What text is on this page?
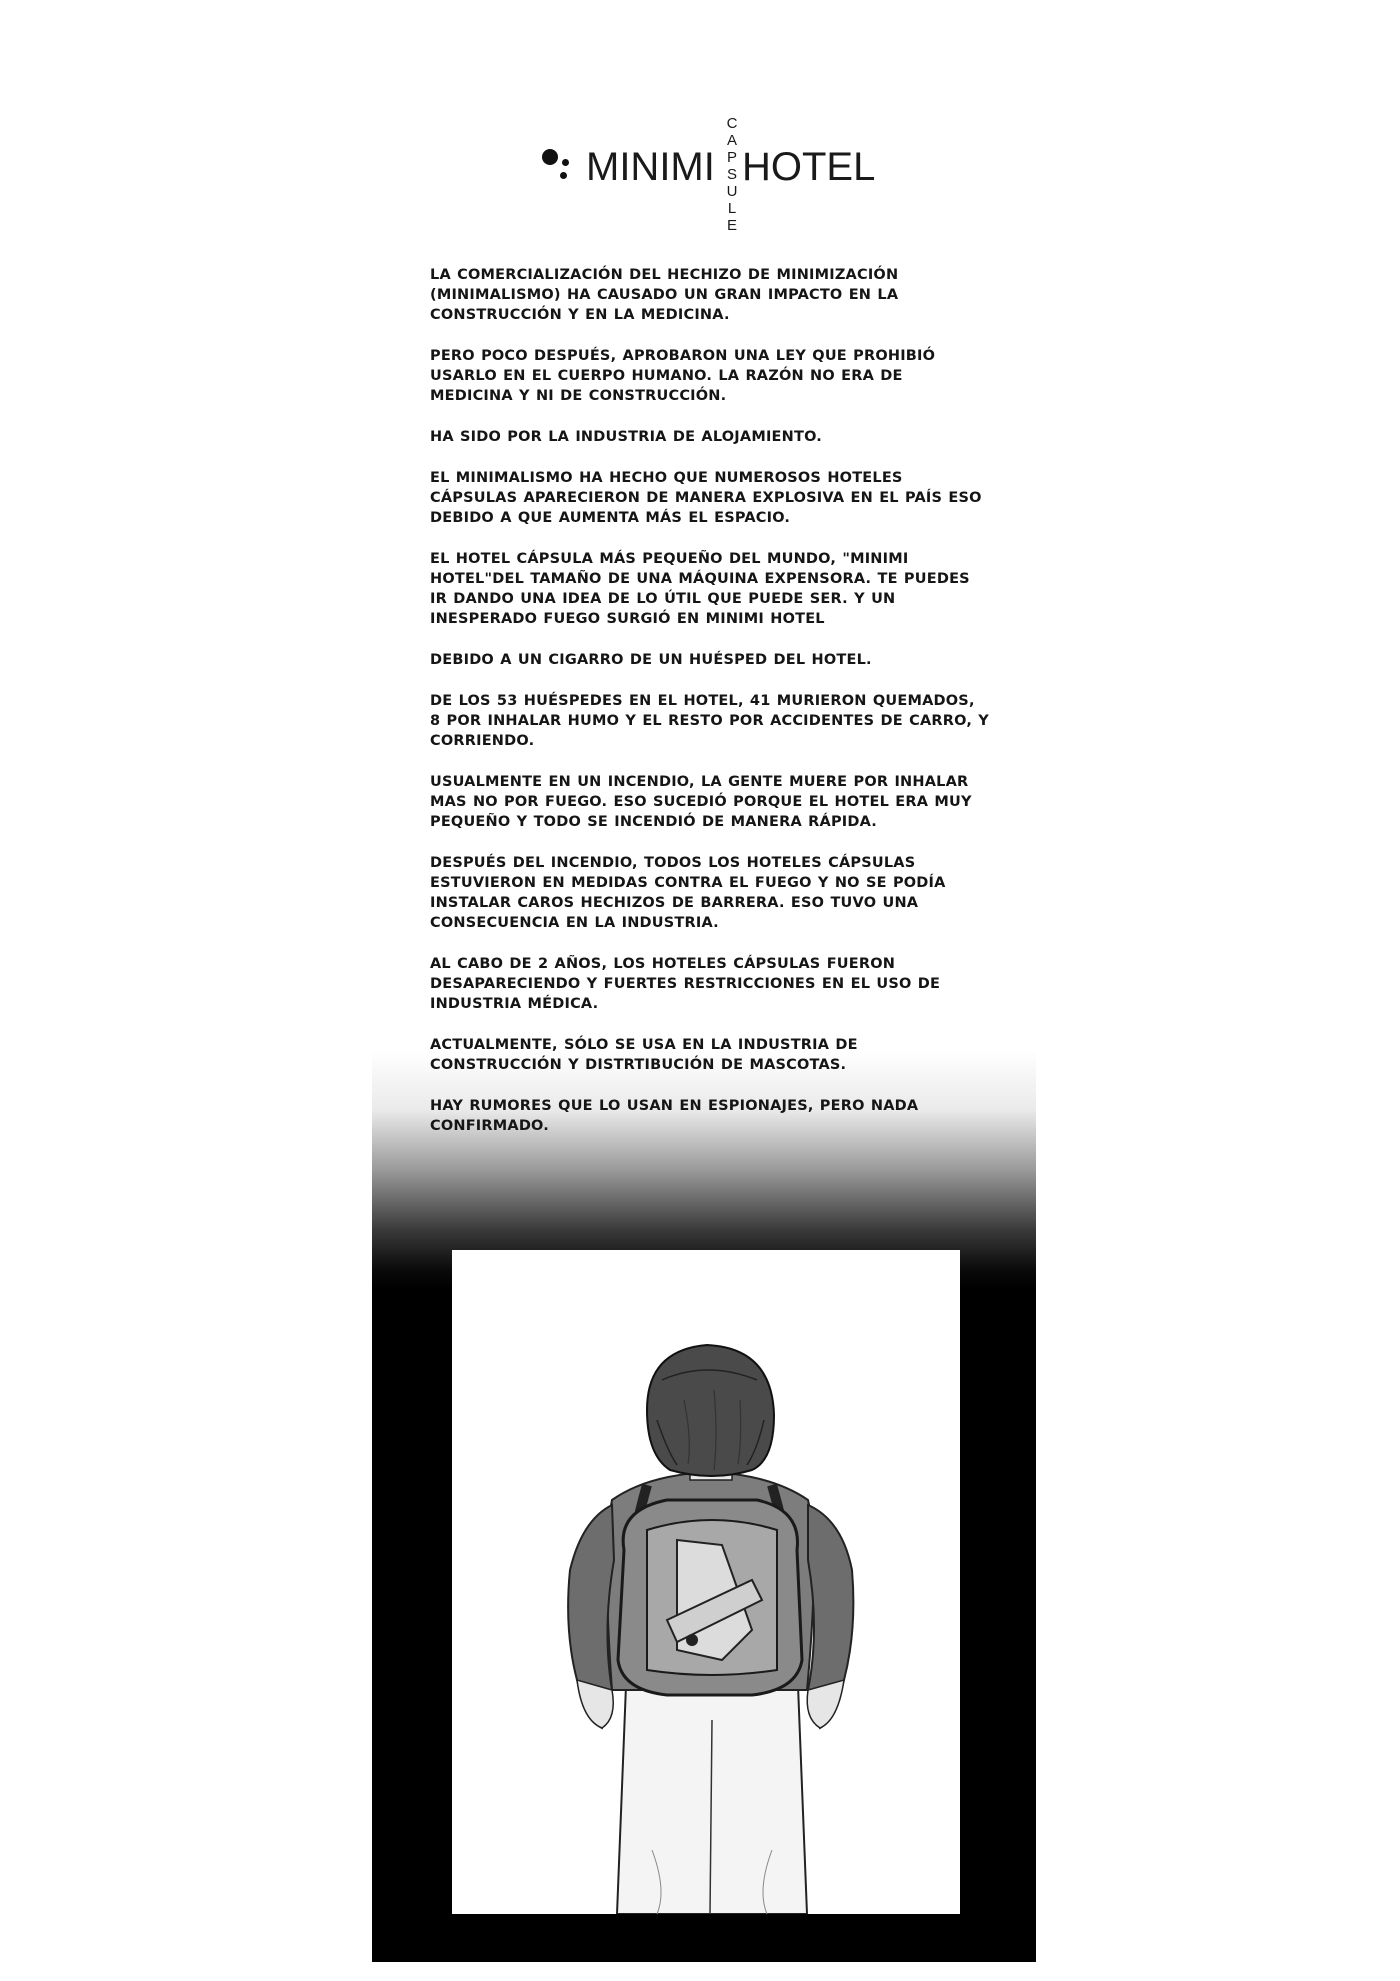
MINIMI
C
A
P
S
U
L
E
HOTEL

LA COMERCIALIZACIÓN DEL HECHIZO DE MINIMIZACIÓN (MINIMALISMO) HA CAUSADO UN GRAN IMPACTO EN LA CONSTRUCCIÓN Y EN LA MEDICINA.

PERO POCO DESPUÉS, APROBARON UNA LEY QUE PROHIBIÓ USARLO EN EL CUERPO HUMANO. LA RAZÓN NO ERA DE MEDICINA Y NI DE CONSTRUCCIÓN.

HA SIDO POR LA INDUSTRIA DE ALOJAMIENTO.

EL MINIMALISMO HA HECHO QUE NUMEROSOS HOTELES CÁPSULAS APARECIERON DE MANERA EXPLOSIVA EN EL PAÍS ESO DEBIDO A QUE AUMENTA MÁS EL ESPACIO.

EL HOTEL CÁPSULA MÁS PEQUEÑO DEL MUNDO, "MINIMI HOTEL"DEL TAMAÑO DE UNA MÁQUINA EXPENSORA. TE PUEDES IR DANDO UNA IDEA DE LO ÚTIL QUE PUEDE SER. Y UN INESPERADO FUEGO SURGIÓ EN MINIMI HOTEL

DEBIDO A UN CIGARRO DE UN HUÉSPED DEL HOTEL.

DE LOS 53 HUÉSPEDES EN EL HOTEL, 41 MURIERON QUEMADOS, 8 POR INHALAR HUMO Y EL RESTO POR ACCIDENTES DE CARRO, Y CORRIENDO.

USUALMENTE EN UN INCENDIO, LA GENTE MUERE POR INHALAR MAS NO POR FUEGO. ESO SUCEDIÓ PORQUE EL HOTEL ERA MUY PEQUEÑO Y TODO SE INCENDIÓ DE MANERA RÁPIDA.

DESPUÉS DEL INCENDIO, TODOS LOS HOTELES CÁPSULAS ESTUVIERON EN MEDIDAS CONTRA EL FUEGO Y NO SE PODÍA INSTALAR CAROS HECHIZOS DE BARRERA. ESO TUVO UNA CONSECUENCIA EN LA INDUSTRIA.

AL CABO DE 2 AÑOS, LOS HOTELES CÁPSULAS FUERON DESAPARECIENDO Y FUERTES RESTRICCIONES EN EL USO DE INDUSTRIA MÉDICA.

ACTUALMENTE, SÓLO SE USA EN LA INDUSTRIA DE CONSTRUCCIÓN Y DISTRTIBUCIÓN DE MASCOTAS.

HAY RUMORES QUE LO USAN EN ESPIONAJES, PERO NADA CONFIRMADO.
